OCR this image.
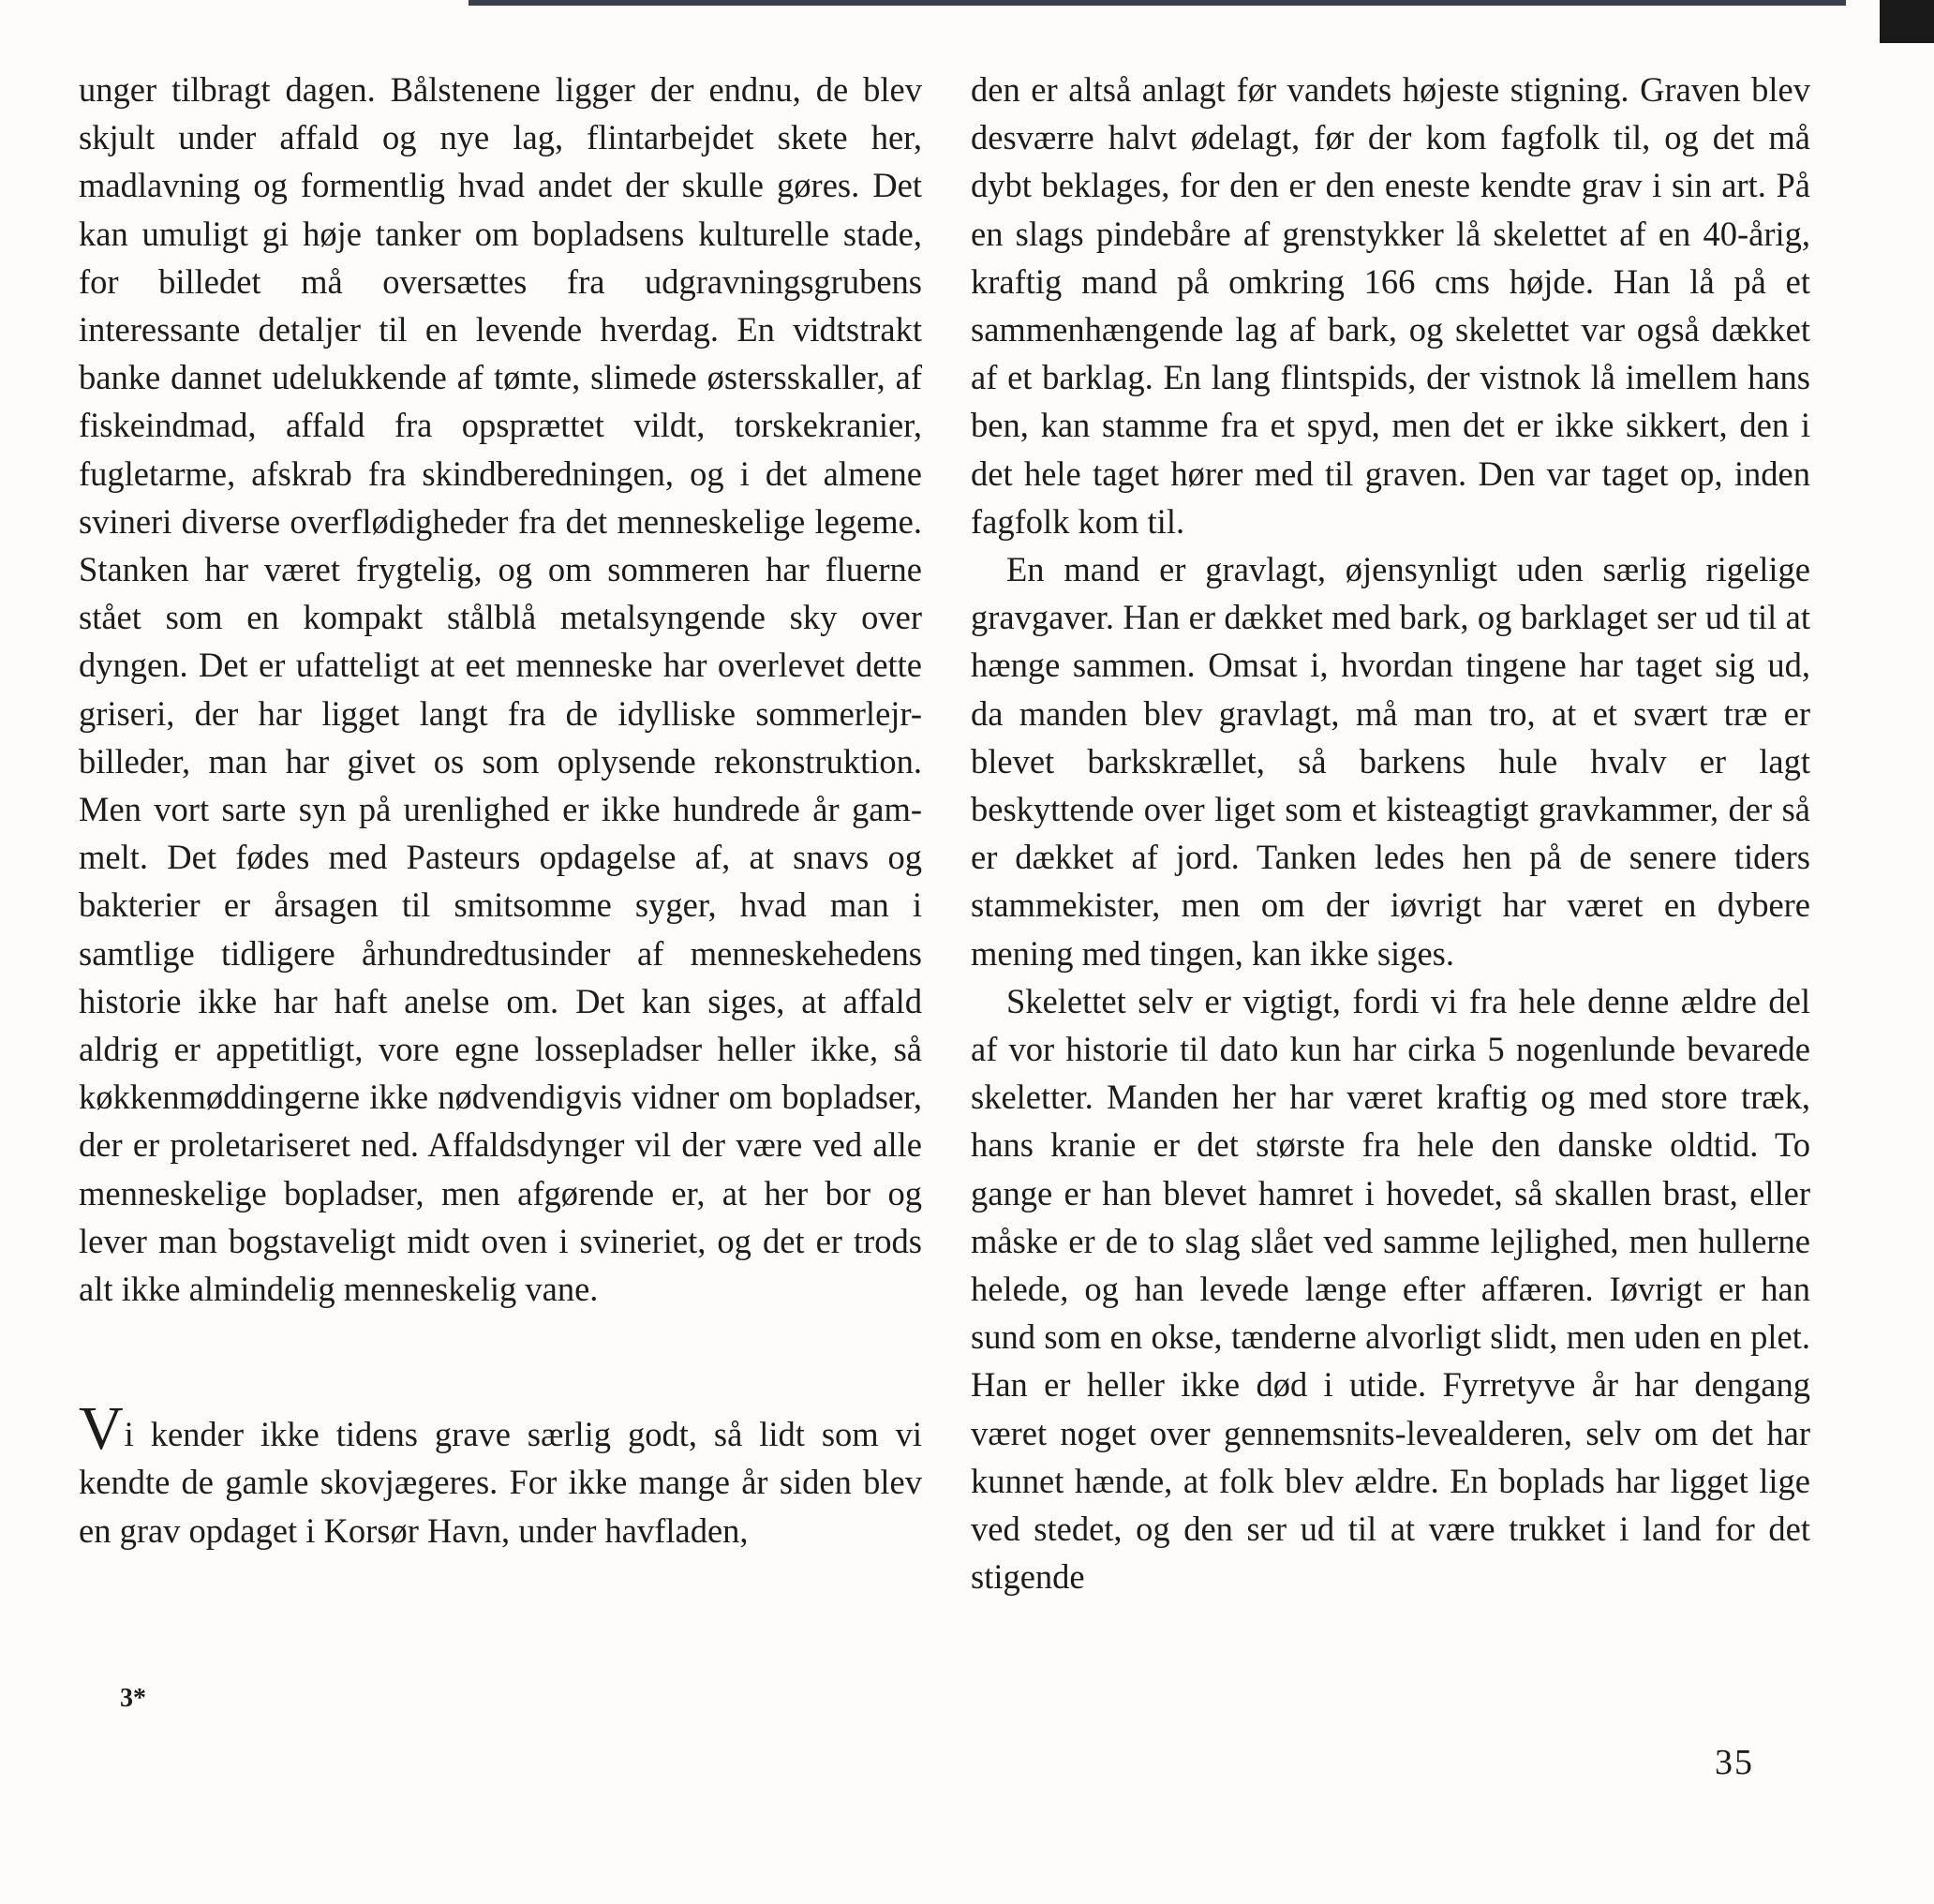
unger tilbragt dagen. Bålstenene ligger der endnu, de blev skjult under affald og nye lag, flintarbejdet skete her, madlavning og formentlig hvad andet der skulle gøres. Det kan umuligt gi høje tanker om bopladsens kulturelle stade, for billedet må oversættes fra udgravningsgrubens interessante detaljer til en levende hverdag. En vidtstrakt banke dannet udelukkende af tømte, slimede østersskaller, af fiskeindmad, affald fra opsprættet vildt, torskekranier, fugletarme, afskrab fra skindberedningen, og i det almene svineri diverse overflødigheder fra det menneskelige legeme. Stanken har været frygtelig, og om sommeren har fluerne stået som en kompakt stålblå metalsyngende sky over dyngen. Det er ufatteligt at eet menneske har overlevet dette griseri, der har ligget langt fra de idylliske sommerlejr-billeder, man har givet os som oplysende rekonstruktion. Men vort sarte syn på urenlighed er ikke hundrede år gammelt. Det fødes med Pasteurs opdagelse af, at snavs og bakterier er årsagen til smitsomme syger, hvad man i samtlige tidligere århundredtusinder af menneskehedens historie ikke har haft anelse om. Det kan siges, at affald aldrig er appetitligt, vore egne lossepladser heller ikke, så køkkenmøddingerne ikke nødvendigvis vidner om bopladser, der er proletariseret ned. Affaldsdynger vil der være ved alle menneskelige bopladser, men afgørende er, at her bor og lever man bogstaveligt midt oven i svineriet, og det er trods alt ikke almindelig menneskelig vane.

Vi kender ikke tidens grave særlig godt, så lidt som vi kendte de gamle skovjægeres. For ikke mange år siden blev en grav opdaget i Korsør Havn, under havfladen,

den er altså anlagt før vandets højeste stigning. Graven blev desværre halvt ødelagt, før der kom fagfolk til, og det må dybt beklages, for den er den eneste kendte grav i sin art. På en slags pindebåre af grenstykker lå skelettet af en 40-årig, kraftig mand på omkring 166 cms højde. Han lå på et sammenhængende lag af bark, og skelettet var også dækket af et barklag. En lang flintspids, der vistnok lå imellem hans ben, kan stamme fra et spyd, men det er ikke sikkert, den i det hele taget hører med til graven. Den var taget op, inden fagfolk kom til.

En mand er gravlagt, øjensynligt uden særlig rigelige gravgaver. Han er dækket med bark, og barklaget ser ud til at hænge sammen. Omsat i, hvordan tingene har taget sig ud, da manden blev gravlagt, må man tro, at et svært træ er blevet barkskrællet, så barkens hule hvalv er lagt beskyttende over liget som et kisteagtigt gravkammer, der så er dækket af jord. Tanken ledes hen på de senere tiders stammekister, men om der iøvrigt har været en dybere mening med tingen, kan ikke siges.

Skelettet selv er vigtigt, fordi vi fra hele denne ældre del af vor historie til dato kun har cirka 5 nogenlunde bevarede skeletter. Manden her har været kraftig og med store træk, hans kranie er det største fra hele den danske oldtid. To gange er han blevet hamret i hovedet, så skallen brast, eller måske er de to slag slået ved samme lejlighed, men hullerne helede, og han levede længe efter affæren. Iøvrigt er han sund som en okse, tænderne alvorligt slidt, men uden en plet. Han er heller ikke død i utide. Fyrretyve år har dengang været noget over gennemsnits-levealderen, selv om det har kunnet hænde, at folk blev ældre. En boplads har ligget lige ved stedet, og den ser ud til at være trukket i land for det stigende

3*
35
